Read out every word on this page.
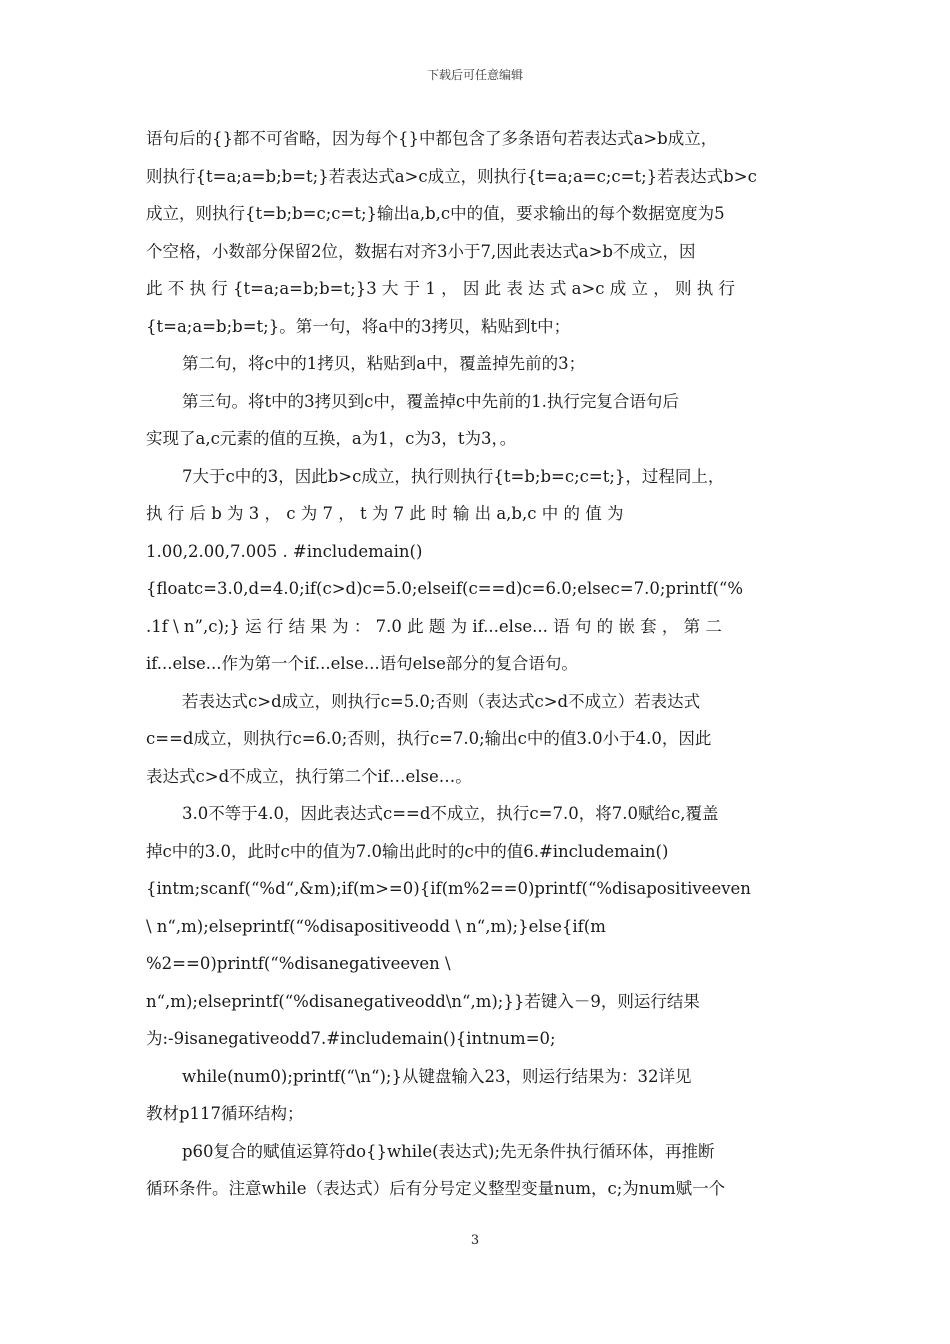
下载后可任意编辑
语句后的{}都不可省略，因为每个{}中都包含了多条语句若表达式a>b成立，
则执行{t=a;a=b;b=t;}若表达式a>c成立，则执行{t=a;a=c;c=t;}若表达式b>c
成立，则执行{t=b;b=c;c=t;}输出a,b,c中的值，要求输出的每个数据宽度为5
个空格，小数部分保留2位，数据右对齐3小于7,因此表达式a>b不成立，因
此 不 执 行 {t=a;a=b;b=t;}3 大 于 1 ， 因 此 表 达 式 a>c 成 立 ， 则 执 行
{t=a;a=b;b=t;}。第一句，将a中的3拷贝，粘贴到t中；
第二句，将c中的1拷贝，粘贴到a中，覆盖掉先前的3；
第三句。将t中的3拷贝到c中，覆盖掉c中先前的1.执行完复合语句后
实现了a,c元素的值的互换，a为1，c为3，t为3，。
7大于c中的3，因此b>c成立，执行则执行{t=b;b=c;c=t;}，过程同上，
执 行 后 b 为 3 ， c 为 7 ， t 为 7 此 时 输 出 a,b,c 中 的 值 为
1.00,2.00,7.005 . #includemain()
{floatc=3.0,d=4.0;if(c>d)c=5.0;elseif(c==d)c=6.0;elsec=7.0;printf(“%
.1f \ n”,c);} 运 行 结 果 为 ： 7.0 此 题 为 if...else... 语 句 的 嵌 套 ， 第 二
if...else...作为第一个if...else...语句else部分的复合语句。
若表达式c>d成立，则执行c=5.0;否则（表达式c>d不成立）若表达式
c==d成立，则执行c=6.0;否则，执行c=7.0;输出c中的值3.0小于4.0，因此
表达式c>d不成立，执行第二个if…else…。
3.0不等于4.0，因此表达式c==d不成立，执行c=7.0，将7.0赋给c,覆盖
掉c中的3.0，此时c中的值为7.0输出此时的c中的值6.#includemain()
{intm;scanf(“%d“,&m);if(m>=0){if(m%2==0)printf(“%disapositiveeven
\ n“,m);elseprintf(“%disapositiveodd \ n“,m);}else{if(m
%2==0)printf(“%disanegativeeven \
n“,m);elseprintf(“%disanegativeodd\n“,m);}}若键入－9，则运行结果
为:-9isanegativeodd7.#includemain(){intnum=0;
while(num0);printf(“\n“);}从键盘输入23，则运行结果为：32详见
教材p117循环结构；
p60复合的赋值运算符do{}while(表达式);先无条件执行循环体，再推断
循环条件。注意while（表达式）后有分号定义整型变量num，c;为num赋一个
3
